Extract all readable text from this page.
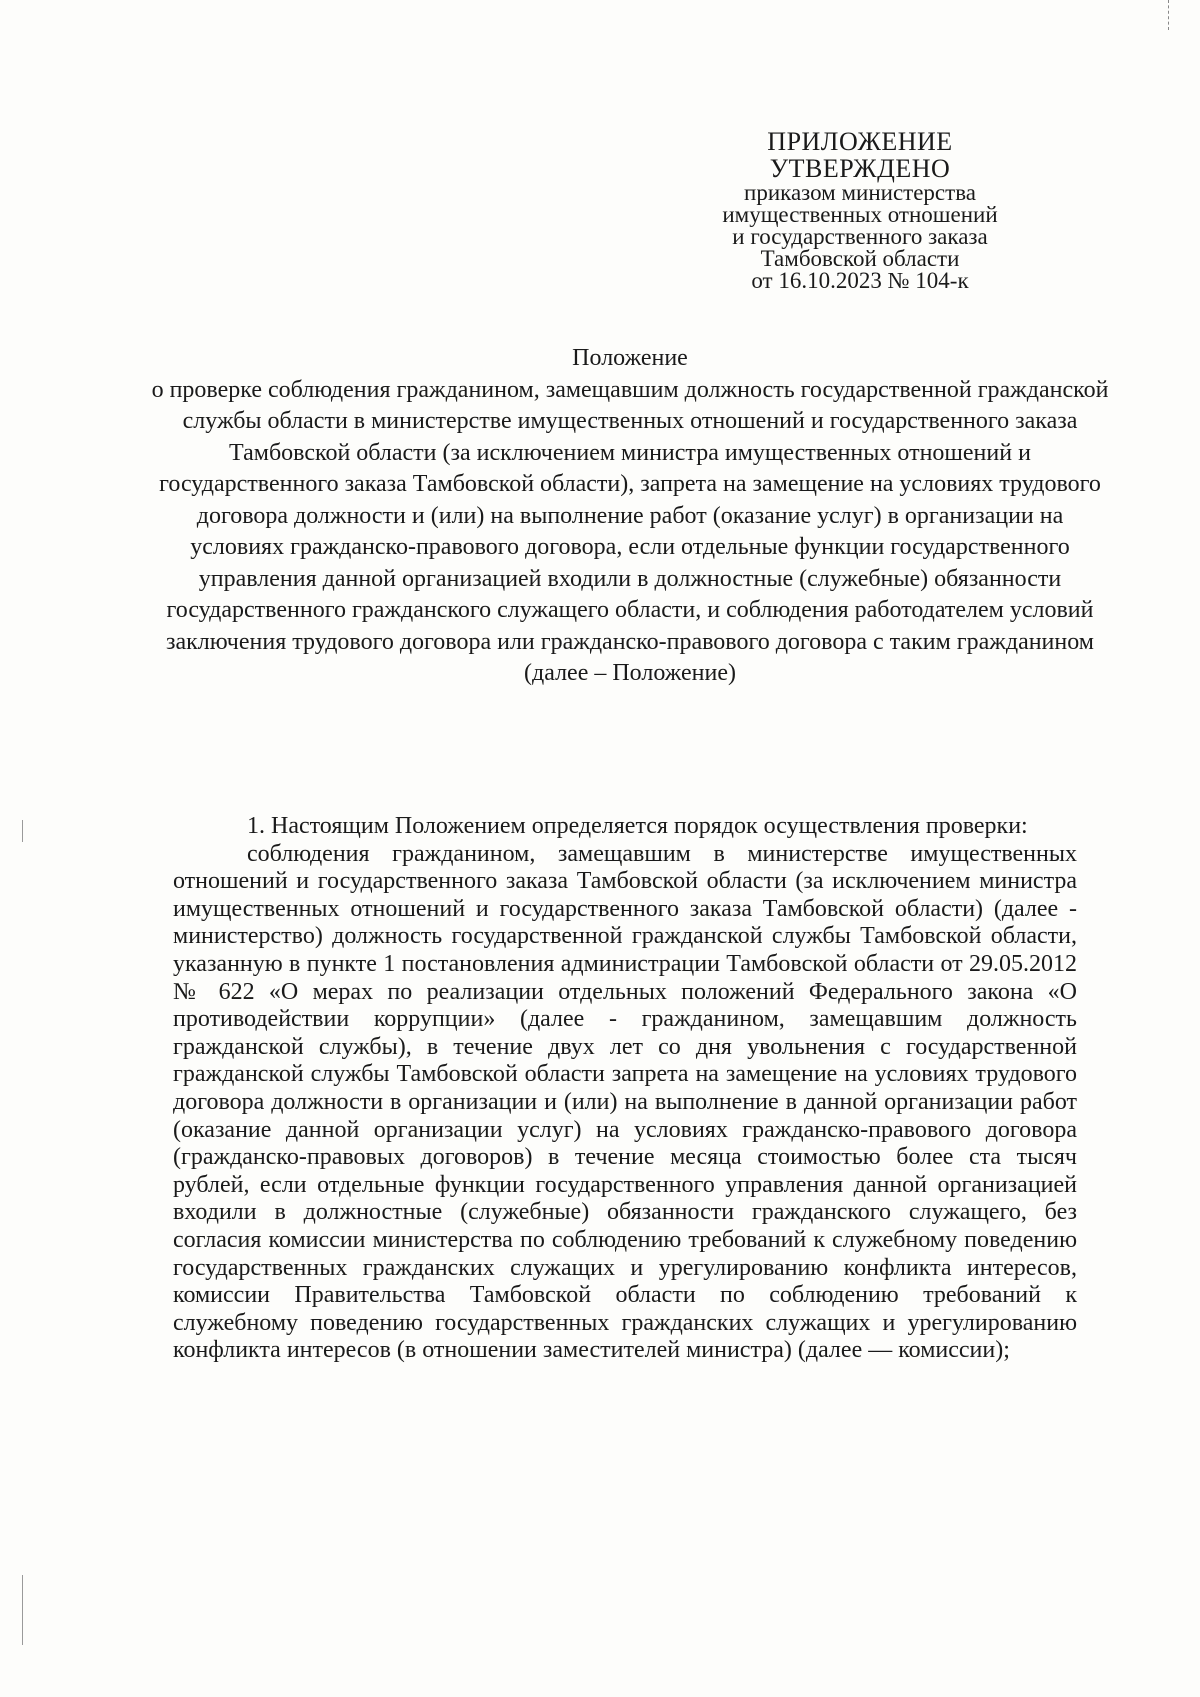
ПРИЛОЖЕНИЕ
УТВЕРЖДЕНО
приказом министерства
имущественных отношений
и государственного заказа
Тамбовской области
от 16.10.2023 № 104-к
Положение
о проверке соблюдения гражданином, замещавшим должность государственной гражданской службы области в министерстве имущественных отношений и государственного заказа Тамбовской области (за исключением министра имущественных отношений и государственного заказа Тамбовской области), запрета на замещение на условиях трудового договора должности и (или) на выполнение работ (оказание услуг) в организации на условиях гражданско-правового договора, если отдельные функции государственного управления данной организацией входили в должностные (служебные) обязанности государственного гражданского служащего области, и соблюдения работодателем условий заключения трудового договора или гражданско-правового договора с таким гражданином
(далее – Положение)

1. Настоящим Положением определяется порядок осуществления проверки:

соблюдения гражданином, замещавшим в министерстве имущественных отношений и государственного заказа Тамбовской области (за исключением министра имущественных отношений и государственного заказа Тамбовской области) (далее - министерство) должность государственной гражданской службы Тамбовской области, указанную в пункте 1 постановления администрации Тамбовской области от 29.05.2012 № 622 «О мерах по реализации отдельных положений Федерального закона «О противодействии коррупции» (далее - гражданином, замещавшим должность гражданской службы), в течение двух лет со дня увольнения с государственной гражданской службы Тамбовской области запрета на замещение на условиях трудового договора должности в организации и (или) на выполнение в данной организации работ (оказание данной организации услуг) на условиях гражданско-правового договора (гражданско-правовых договоров) в течение месяца стоимостью более ста тысяч рублей, если отдельные функции государственного управления данной организацией входили в должностные (служебные) обязанности гражданского служащего, без согласия комиссии министерства по соблюдению требований к служебному поведению государственных гражданских служащих и урегулированию конфликта интересов, комиссии Правительства Тамбовской области по соблюдению требований к служебному поведению государственных гражданских служащих и урегулированию конфликта интересов (в отношении заместителей министра) (далее — комиссии);
